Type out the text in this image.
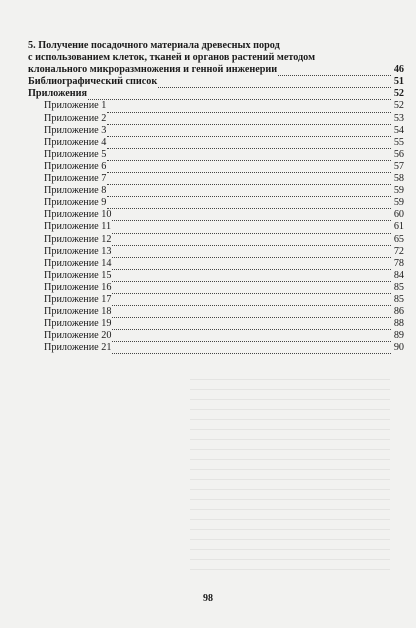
5. Получение посадочного материала древесных пород
с использованием клеток, тканей и органов растений методом
клонального микроразмножения и генной инженерии	46
Библиографический список	51
Приложения	52
Приложение 1	52
Приложение 2	53
Приложение 3	54
Приложение 4	55
Приложение 5	56
Приложение 6	57
Приложение 7	58
Приложение 8	59
Приложение 9	59
Приложение 10	60
Приложение 11	61
Приложение 12	65
Приложение 13	72
Приложение 14	78
Приложение 15	84
Приложение 16	85
Приложение 17	85
Приложение 18	86
Приложение 19	88
Приложение 20	89
Приложение 21	90
98
